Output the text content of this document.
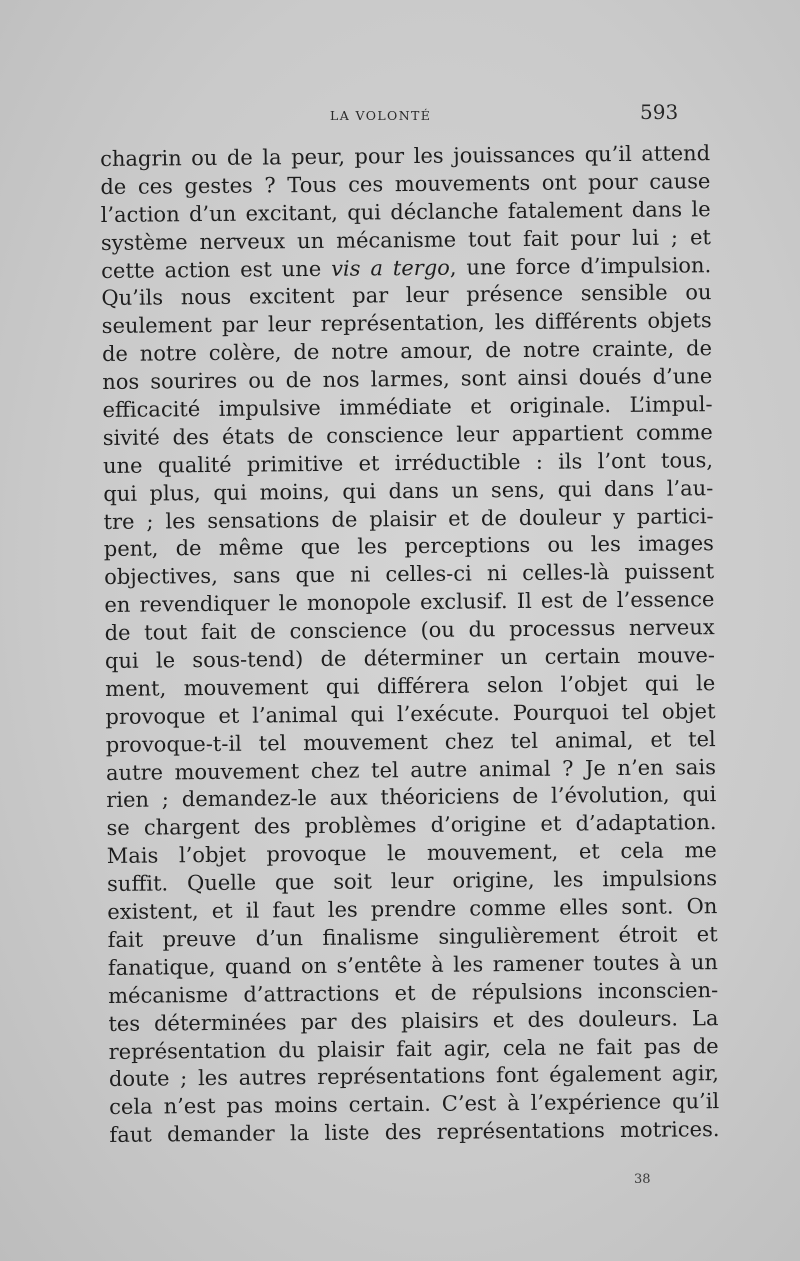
LA VOLONTÉ	593
chagrin ou de la peur, pour les jouissances qu’il attend
de ces gestes ? Tous ces mouvements ont pour cause
l’action d’un excitant, qui déclanche fatalement dans le
système nerveux un mécanisme tout fait pour lui ; et
cette action est une vis a tergo, une force d’impulsion.
Qu’ils nous excitent par leur présence sensible ou
seulement par leur représentation, les différents objets
de notre colère, de notre amour, de notre crainte, de
nos sourires ou de nos larmes, sont ainsi doués d’une
efficacité impulsive immédiate et originale. L’impul-
sivité des états de conscience leur appartient comme
une qualité primitive et irréductible : ils l’ont tous,
qui plus, qui moins, qui dans un sens, qui dans l’au-
tre ; les sensations de plaisir et de douleur y partici-
pent, de même que les perceptions ou les images
objectives, sans que ni celles-ci ni celles-là puissent
en revendiquer le monopole exclusif. Il est de l’essence
de tout fait de conscience (ou du processus nerveux
qui le sous-tend) de déterminer un certain mouve-
ment, mouvement qui différera selon l’objet qui le
provoque et l’animal qui l’exécute. Pourquoi tel objet
provoque-t-il tel mouvement chez tel animal, et tel
autre mouvement chez tel autre animal ? Je n’en sais
rien ; demandez-le aux théoriciens de l’évolution, qui
se chargent des problèmes d’origine et d’adaptation.
Mais l’objet provoque le mouvement, et cela me
suffit. Quelle que soit leur origine, les impulsions
existent, et il faut les prendre comme elles sont. On
fait preuve d’un finalisme singulièrement étroit et
fanatique, quand on s’entête à les ramener toutes à un
mécanisme d’attractions et de répulsions inconscien-
tes déterminées par des plaisirs et des douleurs. La
représentation du plaisir fait agir, cela ne fait pas de
doute ; les autres représentations font également agir,
cela n’est pas moins certain. C’est à l’expérience qu’il
faut demander la liste des représentations motrices.
38
